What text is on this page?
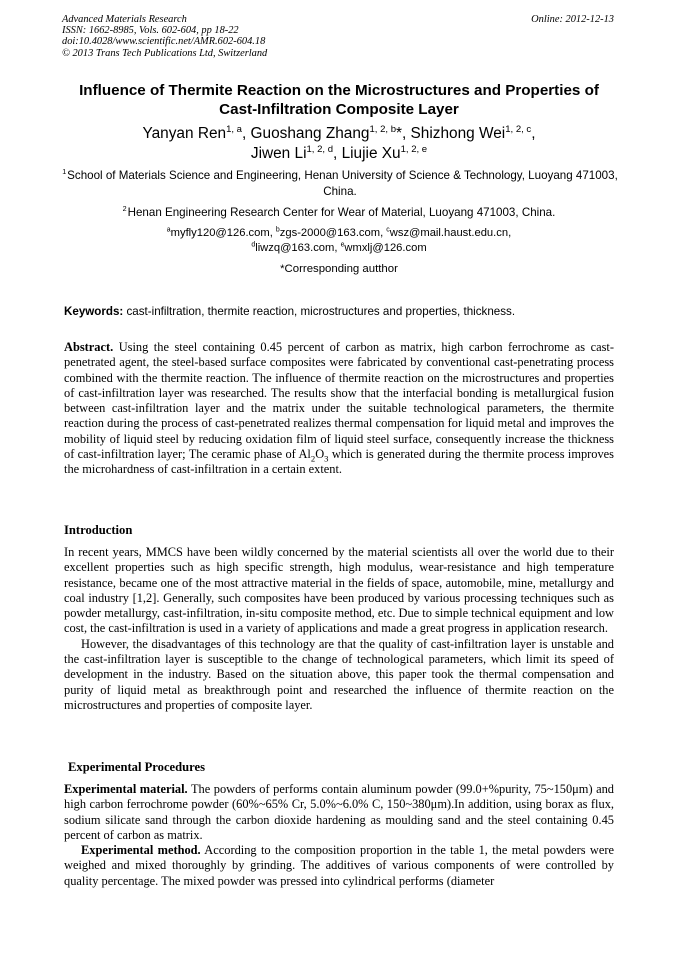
Advanced Materials Research
ISSN: 1662-8985, Vols. 602-604, pp 18-22
doi:10.4028/www.scientific.net/AMR.602-604.18
© 2013 Trans Tech Publications Ltd, Switzerland
Online: 2012-12-13
Influence of Thermite Reaction on the Microstructures and Properties of
Cast-Infiltration Composite Layer
Yanyan Ren$^{1, a}$, Guoshang Zhang$^{1, 2, b}$*, Shizhong Wei$^{1, 2, c}$,
Jiwen Li$^{1, 2, d}$, Liujie Xu$^{1, 2, e}$
$^1$ School of Materials Science and Engineering, Henan University of Science & Technology, Luoyang 471003, China.
$^2$ Henan Engineering Research Center for Wear of Material, Luoyang 471003, China.
$^a$myfly120@126.com, $^b$zgs-2000@163.com, $^c$wsz@mail.haust.edu.cn,
$^d$liwzq@163.com, $^e$wmxlj@126.com
*Corresponding autthor
Keywords: cast-infiltration, thermite reaction, microstructures and properties, thickness.

Abstract. Using the steel containing 0.45 percent of carbon as matrix, high carbon ferrochrome as cast-penetrated agent, the steel-based surface composites were fabricated by conventional cast-penetrating process combined with the thermite reaction. The influence of thermite reaction on the microstructures and properties of cast-infiltration layer was researched. The results show that the interfacial bonding is metallurgical fusion between cast-infiltration layer and the matrix under the suitable technological parameters, the thermite reaction during the process of cast-penetrated realizes thermal compensation for liquid metal and improves the mobility of liquid steel by reducing oxidation film of liquid steel surface, consequently increase the thickness of cast-infiltration layer; The ceramic phase of $Al_2O_3$ which is generated during the thermite process improves the microhardness of cast-infiltration in a certain extent.

Introduction

In recent years, MMCS have been wildly concerned by the material scientists all over the world due to their excellent properties such as high specific strength, high modulus, wear-resistance and high temperature resistance, became one of the most attractive material in the fields of space, automobile, mine, metallurgy and coal industry [1,2]. Generally, such composites have been produced by various processing techniques such as powder metallurgy, cast-infiltration, in-situ composite method, etc. Due to simple technical equipment and low cost, the cast-infiltration is used in a variety of applications and made a great progress in application research.

However, the disadvantages of this technology are that the quality of cast-infiltration layer is unstable and the cast-infiltration layer is susceptible to the change of technological parameters, which limit its speed of development in the industry. Based on the situation above, this paper took the thermal compensation and purity of liquid metal as breakthrough point and researched the influence of thermite reaction on the microstructures and properties of composite layer.

Experimental Procedures

Experimental material. The powders of performs contain aluminum powder (99.0+%purity, 75~150μm) and high carbon ferrochrome powder (60%~65% Cr, 5.0%~6.0% C, 150~380μm).In addition, using borax as flux, sodium silicate sand through the carbon dioxide hardening as moulding sand and the steel containing 0.45 percent of carbon as matrix.

Experimental method. According to the composition proportion in the table 1, the metal powders were weighed and mixed thoroughly by grinding. The additives of various components of were controlled by quality percentage. The mixed powder was pressed into cylindrical performs (diameter
